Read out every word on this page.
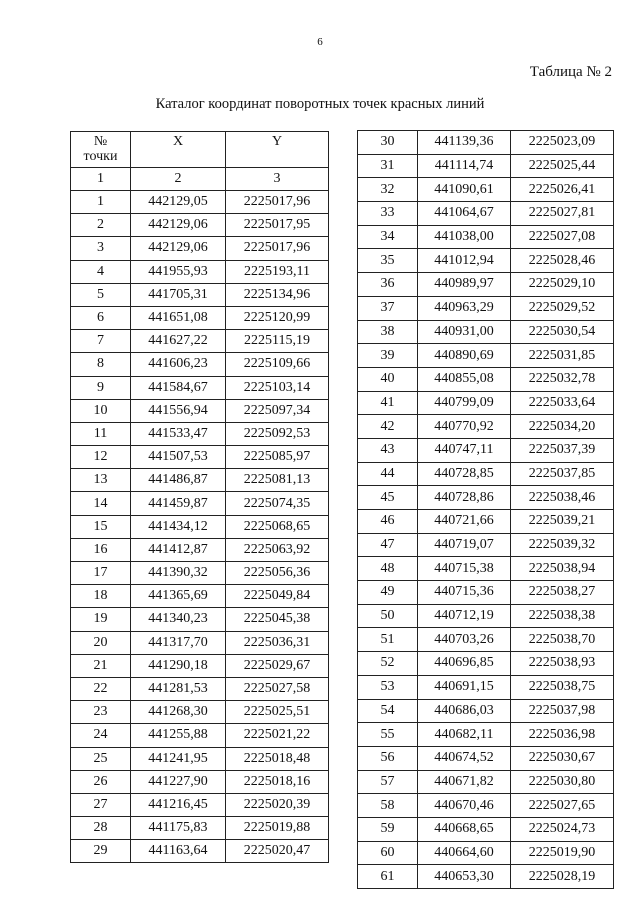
6
Таблица № 2
Каталог координат поворотных точек красных линий
№
точки	X	Y
1	2	3
1	442129,05	2225017,96
2	442129,06	2225017,95
3	442129,06	2225017,96
4	441955,93	2225193,11
5	441705,31	2225134,96
6	441651,08	2225120,99
7	441627,22	2225115,19
8	441606,23	2225109,66
9	441584,67	2225103,14
10	441556,94	2225097,34
11	441533,47	2225092,53
12	441507,53	2225085,97
13	441486,87	2225081,13
14	441459,87	2225074,35
15	441434,12	2225068,65
16	441412,87	2225063,92
17	441390,32	2225056,36
18	441365,69	2225049,84
19	441340,23	2225045,38
20	441317,70	2225036,31
21	441290,18	2225029,67
22	441281,53	2225027,58
23	441268,30	2225025,51
24	441255,88	2225021,22
25	441241,95	2225018,48
26	441227,90	2225018,16
27	441216,45	2225020,39
28	441175,83	2225019,88
29	441163,64	2225020,47
30	441139,36	2225023,09
31	441114,74	2225025,44
32	441090,61	2225026,41
33	441064,67	2225027,81
34	441038,00	2225027,08
35	441012,94	2225028,46
36	440989,97	2225029,10
37	440963,29	2225029,52
38	440931,00	2225030,54
39	440890,69	2225031,85
40	440855,08	2225032,78
41	440799,09	2225033,64
42	440770,92	2225034,20
43	440747,11	2225037,39
44	440728,85	2225037,85
45	440728,86	2225038,46
46	440721,66	2225039,21
47	440719,07	2225039,32
48	440715,38	2225038,94
49	440715,36	2225038,27
50	440712,19	2225038,38
51	440703,26	2225038,70
52	440696,85	2225038,93
53	440691,15	2225038,75
54	440686,03	2225037,98
55	440682,11	2225036,98
56	440674,52	2225030,67
57	440671,82	2225030,80
58	440670,46	2225027,65
59	440668,65	2225024,73
60	440664,60	2225019,90
61	440653,30	2225028,19
